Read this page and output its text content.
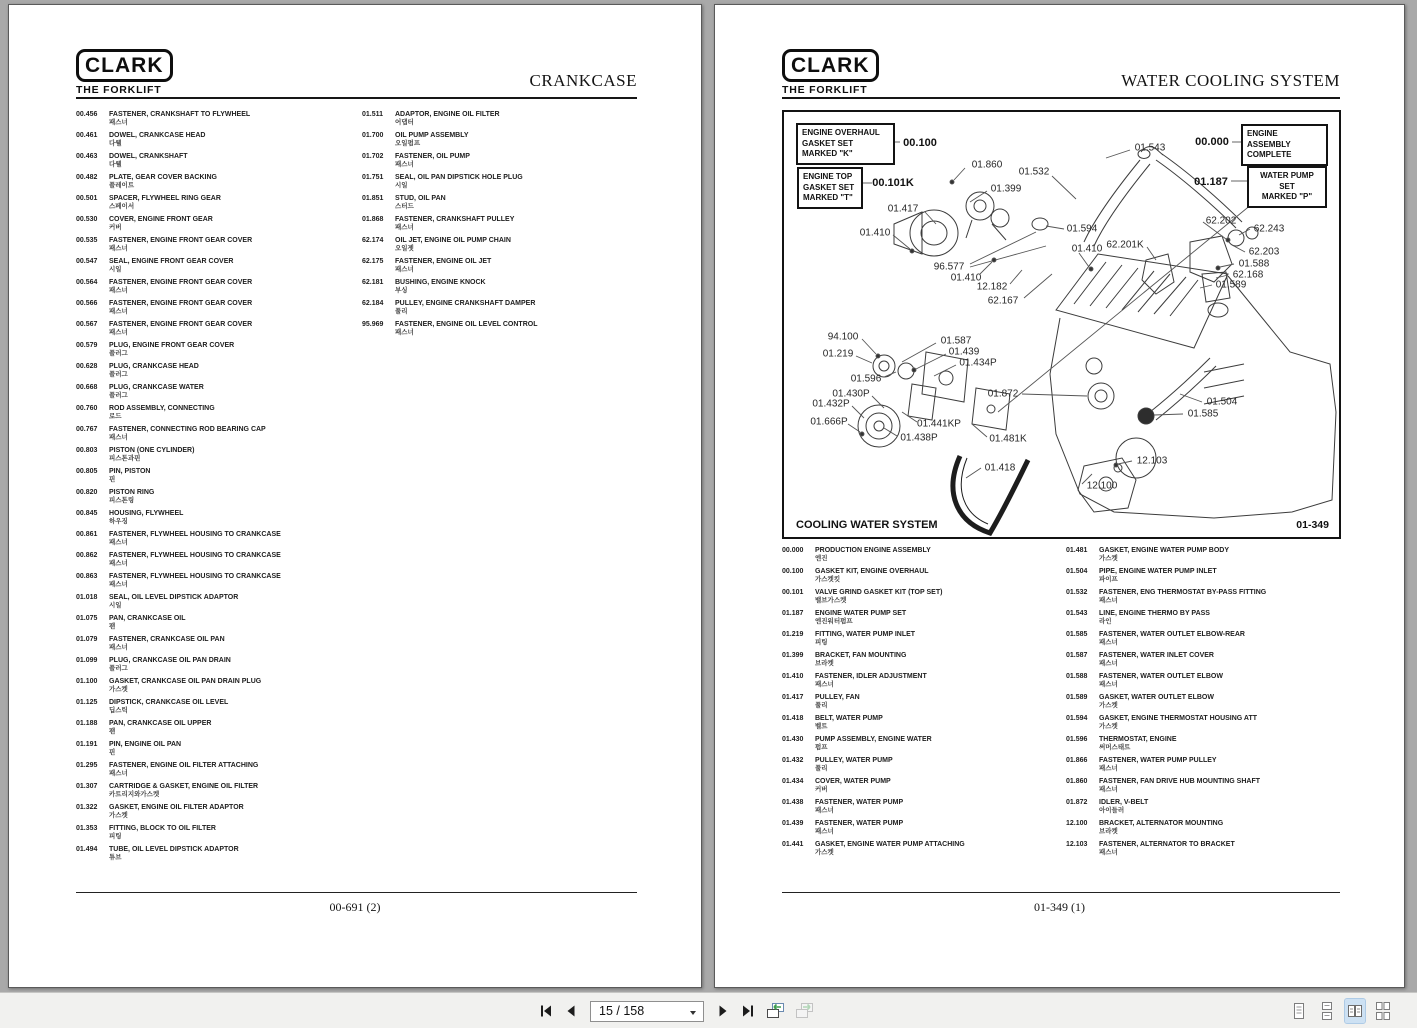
CLARK
THE FORKLIFT	CRANKCASE
00.456	FASTENER, CRANKSHAFT TO FLYWHEEL
패스너
00.461	DOWEL, CRANKCASE HEAD
다웰
00.463	DOWEL, CRANKSHAFT
다웰
00.482	PLATE, GEAR COVER BACKING
플레이트
00.501	SPACER, FLYWHEEL RING GEAR
스페이서
00.530	COVER, ENGINE FRONT GEAR
커버
00.535	FASTENER, ENGINE FRONT GEAR COVER
패스너
00.547	SEAL, ENGINE FRONT GEAR COVER
시일
00.564	FASTENER, ENGINE FRONT GEAR COVER
패스너
00.566	FASTENER, ENGINE FRONT GEAR COVER
패스너
00.567	FASTENER, ENGINE FRONT GEAR COVER
패스너
00.579	PLUG, ENGINE FRONT GEAR COVER
플러그
00.628	PLUG, CRANKCASE HEAD
플러그
00.668	PLUG, CRANKCASE WATER
플러그
00.760	ROD ASSEMBLY, CONNECTING
로드
00.767	FASTENER, CONNECTING ROD BEARING CAP
패스너
00.803	PISTON (ONE CYLINDER)
피스톤과핀
00.805	PIN, PISTON
핀
00.820	PISTON RING
피스톤링
00.845	HOUSING, FLYWHEEL
하우징
00.861	FASTENER, FLYWHEEL HOUSING TO CRANKCASE
패스너
00.862	FASTENER, FLYWHEEL HOUSING TO CRANKCASE
패스너
00.863	FASTENER, FLYWHEEL HOUSING TO CRANKCASE
패스너
01.018	SEAL, OIL LEVEL DIPSTICK ADAPTOR
시일
01.075	PAN, CRANKCASE OIL
팬
01.079	FASTENER, CRANKCASE OIL PAN
패스너
01.099	PLUG, CRANKCASE OIL PAN DRAIN
플러그
01.100	GASKET, CRANKCASE OIL PAN DRAIN PLUG
가스켓
01.125	DIPSTICK, CRANKCASE OIL LEVEL
딥스틱
01.188	PAN, CRANKCASE OIL UPPER
팬
01.191	PIN, ENGINE OIL PAN
핀
01.295	FASTENER, ENGINE OIL FILTER ATTACHING
패스너
01.307	CARTRIDGE & GASKET, ENGINE OIL FILTER
카트리지와가스켓
01.322	GASKET, ENGINE OIL FILTER ADAPTOR
가스켓
01.353	FITTING, BLOCK TO OIL FILTER
피팅
01.494	TUBE, OIL LEVEL DIPSTICK ADAPTOR
튜브
01.511	ADAPTOR, ENGINE OIL FILTER
어댑터
01.700	OIL PUMP ASSEMBLY
오일펌프
01.702	FASTENER, OIL PUMP
패스너
01.751	SEAL, OIL PAN DIPSTICK HOLE PLUG
시일
01.851	STUD, OIL PAN
스터드
01.868	FASTENER, CRANKSHAFT PULLEY
패스너
62.174	OIL JET, ENGINE OIL PUMP CHAIN
오일젯
62.175	FASTENER, ENGINE OIL JET
패스너
62.181	BUSHING, ENGINE KNOCK
부싱
62.184	PULLEY, ENGINE CRANKSHAFT DAMPER
풀리
95.969	FASTENER, ENGINE OIL LEVEL CONTROL
패스너
00-691 (2)
CLARK
THE FORKLIFT	WATER COOLING SYSTEM
01.543
01.860
01.532
01.399
01.417
62.202
62.243
01.594
01.410
62.201K
01.410	62.203
01.588
96.577
62.168
01.410
01.589
12.182
62.167
94.100	01.587
01.219	01.439
01.434P
01.596
01.430P	01.872
01.432P	01.504
01.585
01.666P	01.441KP
01.438P	01.481K
01.418
12.103
12.100
ENGINE OVERHAUL
GASKET SET
MARKED "K"
00.100
ENGINE TOP
GASKET SET
MARKED "T"
00.101K
ENGINE ASSEMBLY
COMPLETE
00.000
WATER PUMP
SET
MARKED "P"
01.187
COOLING WATER SYSTEM	01-349
00.000	PRODUCTION ENGINE ASSEMBLY
엔진
00.100	GASKET KIT, ENGINE OVERHAUL
가스켓킷
00.101	VALVE GRIND GASKET KIT (TOP SET)
밸브가스켓
01.187	ENGINE WATER PUMP SET
엔진워터펌프
01.219	FITTING, WATER PUMP INLET
피팅
01.399	BRACKET, FAN MOUNTING
브라켓
01.410	FASTENER, IDLER ADJUSTMENT
패스너
01.417	PULLEY, FAN
풀리
01.418	BELT, WATER PUMP
벨트
01.430	PUMP ASSEMBLY, ENGINE WATER
펌프
01.432	PULLEY, WATER PUMP
풀리
01.434	COVER, WATER PUMP
커버
01.438	FASTENER, WATER PUMP
패스너
01.439	FASTENER, WATER PUMP
패스너
01.441	GASKET, ENGINE WATER PUMP ATTACHING
가스켓
01.481	GASKET, ENGINE WATER PUMP BODY
가스켓
01.504	PIPE, ENGINE WATER PUMP INLET
파이프
01.532	FASTENER, ENG THERMOSTAT BY-PASS FITTING
패스너
01.543	LINE, ENGINE THERMO BY PASS
라인
01.585	FASTENER, WATER OUTLET ELBOW-REAR
패스너
01.587	FASTENER, WATER INLET COVER
패스너
01.588	FASTENER, WATER OUTLET ELBOW
패스너
01.589	GASKET, WATER OUTLET ELBOW
가스켓
01.594	GASKET, ENGINE THERMOSTAT HOUSING ATT
가스켓
01.596	THERMOSTAT, ENGINE
써머스태트
01.866	FASTENER, WATER PUMP PULLEY
패스너
01.860	FASTENER, FAN DRIVE HUB MOUNTING SHAFT
패스너
01.872	IDLER, V-BELT
아이들러
12.100	BRACKET, ALTERNATOR MOUNTING
브라켓
12.103	FASTENER, ALTERNATOR TO BRACKET
패스너
01-349 (1)
15 / 158
